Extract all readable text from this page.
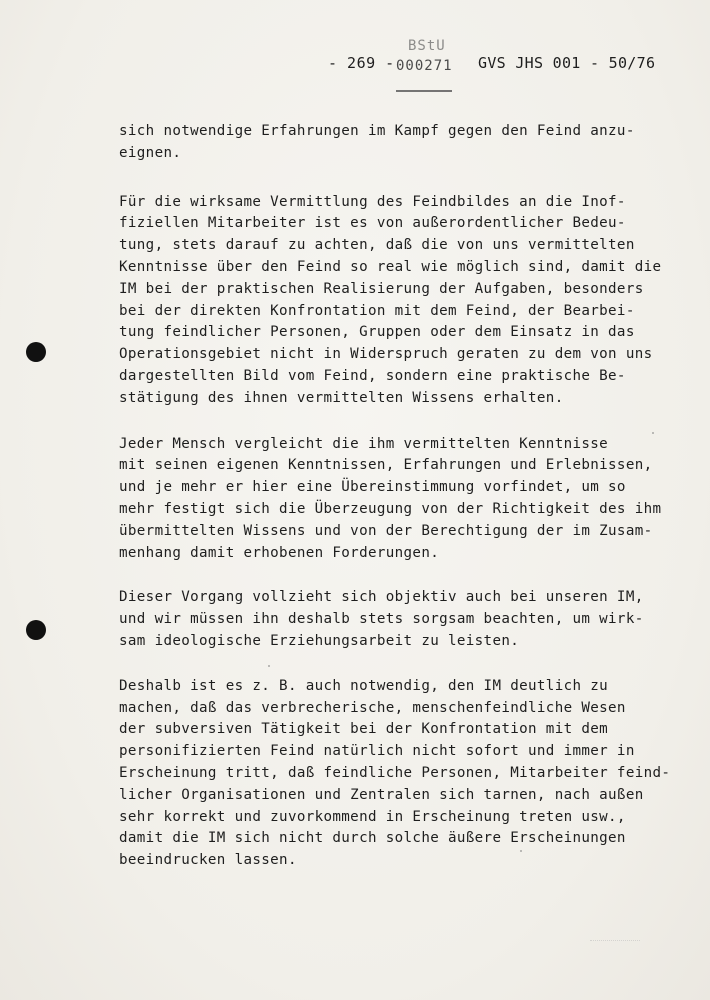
- 269 -
BStU
000271 GVS JHS 001 - 50/76
sich notwendige Erfahrungen im Kampf gegen den Feind anzu-
eignen.
Für die wirksame Vermittlung des Feindbildes an die Inof-
fiziellen Mitarbeiter ist es von außerordentlicher Bedeu-
tung, stets darauf zu achten, daß die von uns vermittelten
Kenntnisse über den Feind so real wie möglich sind, damit die
IM bei der praktischen Realisierung der Aufgaben, besonders
bei der direkten Konfrontation mit dem Feind, der Bearbei-
tung feindlicher Personen, Gruppen oder dem Einsatz in das
Operationsgebiet nicht in Widerspruch geraten zu dem von uns
dargestellten Bild vom Feind, sondern eine praktische Be-
stätigung des ihnen vermittelten Wissens erhalten.
Jeder Mensch vergleicht die ihm vermittelten Kenntnisse
mit seinen eigenen Kenntnissen, Erfahrungen und Erlebnissen,
und je mehr er hier eine Übereinstimmung vorfindet, um so
mehr festigt sich die Überzeugung von der Richtigkeit des ihm
übermittelten Wissens und von der Berechtigung der im Zusam-
menhang damit erhobenen Forderungen.
Dieser Vorgang vollzieht sich objektiv auch bei unseren IM,
und wir müssen ihn deshalb stets sorgsam beachten, um wirk-
sam ideologische Erziehungsarbeit zu leisten.
Deshalb ist es z. B. auch notwendig, den IM deutlich zu
machen, daß das verbrecherische, menschenfeindliche Wesen
der subversiven Tätigkeit bei der Konfrontation mit dem
personifizierten Feind natürlich nicht sofort und immer in
Erscheinung tritt, daß feindliche Personen, Mitarbeiter feind-
licher Organisationen und Zentralen sich tarnen, nach außen
sehr korrekt und zuvorkommend in Erscheinung treten usw.,
damit die IM sich nicht durch solche äußere Erscheinungen
beeindrucken lassen.
